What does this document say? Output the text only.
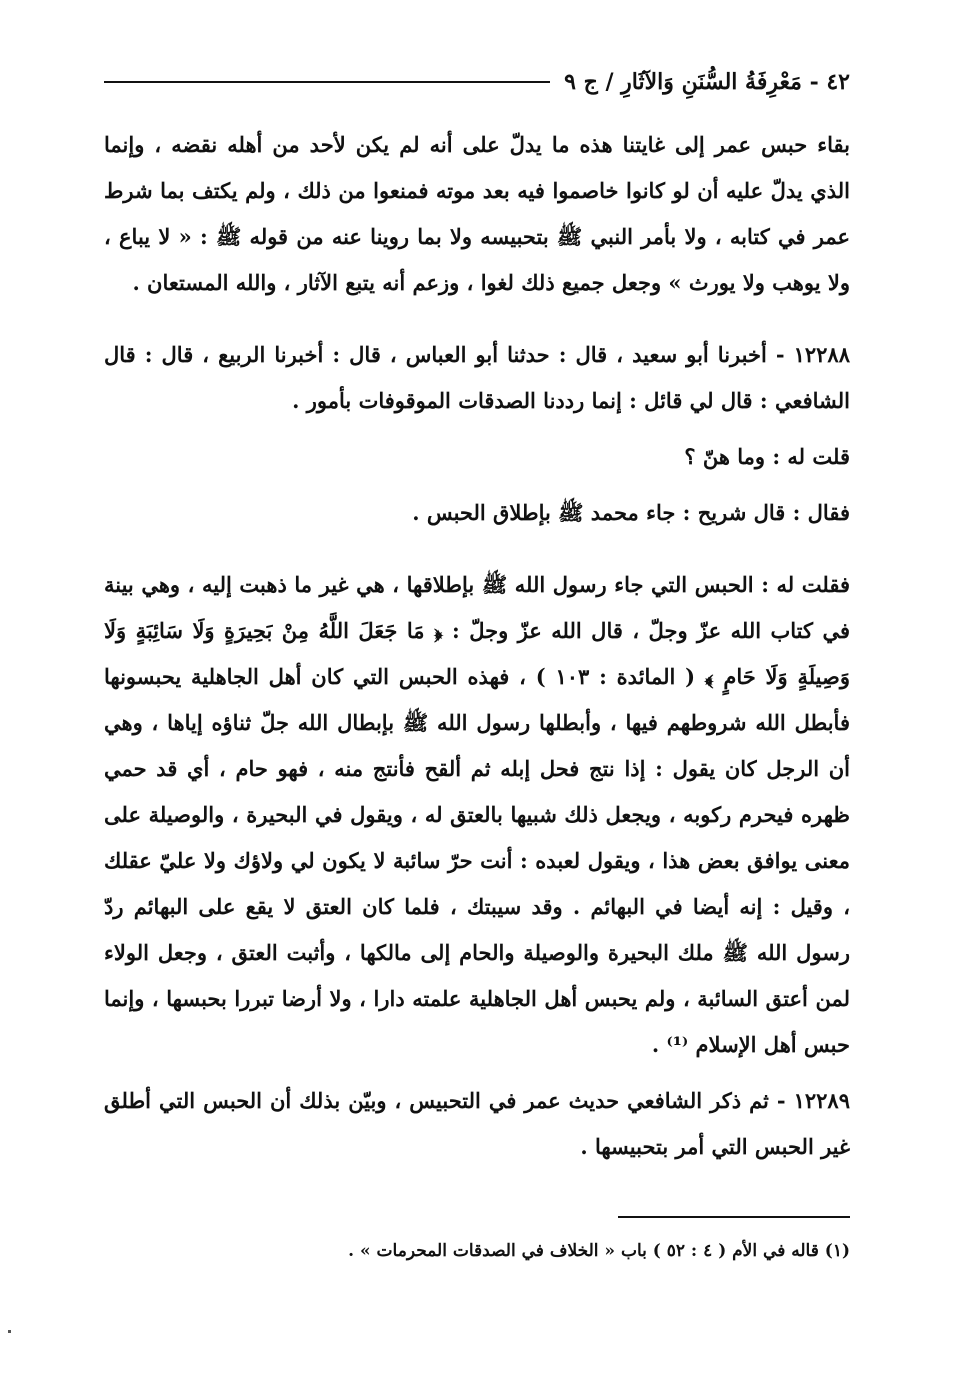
٤٢ - مَعْرِفَةُ السُّنَنِ وَالآثَارِ / ج ٩

بقاء حبس عمر إلى غايتنا هذه ما يدلّ على أنه لم يكن لأحد من أهله نقضه ، وإنما الذي يدلّ عليه أن لو كانوا خاصموا فيه بعد موته فمنعوا من ذلك ، ولم يكتف بما شرط عمر في كتابه ، ولا بأمر النبي ﷺ بتحبيسه ولا بما روينا عنه من قوله ﷺ : « لا يباع ، ولا يوهب ولا يورث » وجعل جميع ذلك لغوا ، وزعم أنه يتبع الآثار ، والله المستعان .

١٢٢٨٨ - أخبرنا أبو سعيد ، قال : حدثنا أبو العباس ، قال : أخبرنا الربيع ، قال : قال الشافعي : قال لي قائل : إنما رددنا الصدقات الموقوفات بأمور .

قلت له : وما هنّ ؟

فقال : قال شريح : جاء محمد ﷺ بإطلاق الحبس .

فقلت له : الحبس التي جاء رسول الله ﷺ بإطلاقها ، هي غير ما ذهبت إليه ، وهي بينة في كتاب الله عزّ وجلّ ، قال الله عزّ وجلّ : ﴿ مَا جَعَلَ اللَّهُ مِنْ بَحِيرَةٍ وَلَا سَائِبَةٍ وَلَا وَصِيلَةٍ وَلَا حَامٍ ﴾ ( المائدة : ١٠٣ ) ، فهذه الحبس التي كان أهل الجاهلية يحبسونها فأبطل الله شروطهم فيها ، وأبطلها رسول الله ﷺ بإبطال الله جلّ ثناؤه إياها ، وهي أن الرجل كان يقول : إذا نتج فحل إبله ثم ألقح فأنتج منه ، فهو حام ، أي قد حمي ظهره فيحرم ركوبه ، ويجعل ذلك شبيها بالعتق له ، ويقول في البحيرة ، والوصيلة على معنى يوافق بعض هذا ، ويقول لعبده : أنت حرّ سائبة لا يكون لي ولاؤك ولا عليّ عقلك ، وقيل : إنه أيضا في البهائم . وقد سيبتك ، فلما كان العتق لا يقع على البهائم ردّ رسول الله ﷺ ملك البحيرة والوصيلة والحام إلى مالكها ، وأثبت العتق ، وجعل الولاء لمن أعتق السائبة ، ولم يحبس أهل الجاهلية علمته دارا ، ولا أرضا تبررا بحبسها ، وإنما حبس أهل الإسلام ⁽¹⁾ .

١٢٢٨٩ - ثم ذكر الشافعي حديث عمر في التحبيس ، وبيّن بذلك أن الحبس التي أطلق غير الحبس التي أمر بتحبيسها .

(١) قاله في الأم ( ٤ : ٥٢ ) باب « الخلاف في الصدقات المحرمات » .
